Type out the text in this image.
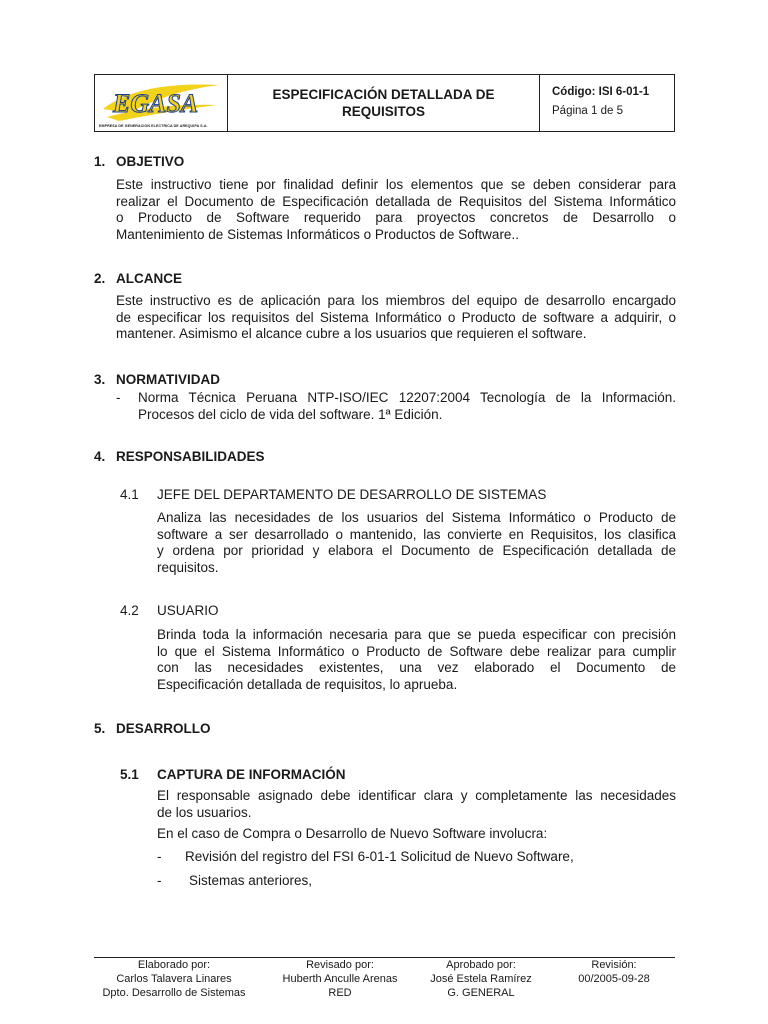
EGASA
EMPRESA DE GENERACION ELECTRICA DE AREQUIPA S.A.
ESPECIFICACIÓN DETALLADA DE
REQUISITOS
Código: ISI 6-01-1
Página 1 de 5
1. OBJETIVO
Este instructivo tiene por finalidad definir los elementos que se deben considerar para
realizar el Documento de Especificación detallada de Requisitos del Sistema Informático
o Producto de Software requerido para proyectos concretos de Desarrollo o
Mantenimiento de Sistemas Informáticos o Productos de Software..
2. ALCANCE
Este instructivo es de aplicación para los miembros del equipo de desarrollo encargado
de especificar los requisitos del Sistema Informático o Producto de software a adquirir, o
mantener. Asimismo el alcance cubre a los usuarios que requieren el software.
3. NORMATIVIDAD
- Norma Técnica Peruana NTP-ISO/IEC 12207:2004 Tecnología de la Información.
Procesos del ciclo de vida del software. 1ª Edición.
4. RESPONSABILIDADES
4.1 JEFE DEL DEPARTAMENTO DE DESARROLLO DE SISTEMAS
Analiza las necesidades de los usuarios del Sistema Informático o Producto de
software a ser desarrollado o mantenido, las convierte en Requisitos, los clasifica
y ordena por prioridad y elabora el Documento de Especificación detallada de
requisitos.
4.2 USUARIO
Brinda toda la información necesaria para que se pueda especificar con precisión
lo que el Sistema Informático o Producto de Software debe realizar para cumplir
con las necesidades existentes, una vez elaborado el Documento de
Especificación detallada de requisitos, lo aprueba.
5. DESARROLLO
5.1 CAPTURA DE INFORMACIÓN
El responsable asignado debe identificar clara y completamente las necesidades
de los usuarios.
En el caso de Compra o Desarrollo de Nuevo Software involucra:
- Revisión del registro del FSI 6-01-1 Solicitud de Nuevo Software,
- Sistemas anteriores,
Elaborado por:
Carlos Talavera Linares
Dpto. Desarrollo de Sistemas
Revisado por:
Huberth Anculle Arenas
RED
Aprobado por:
José Estela Ramírez
G. GENERAL
Revisión:
00/2005-09-28
